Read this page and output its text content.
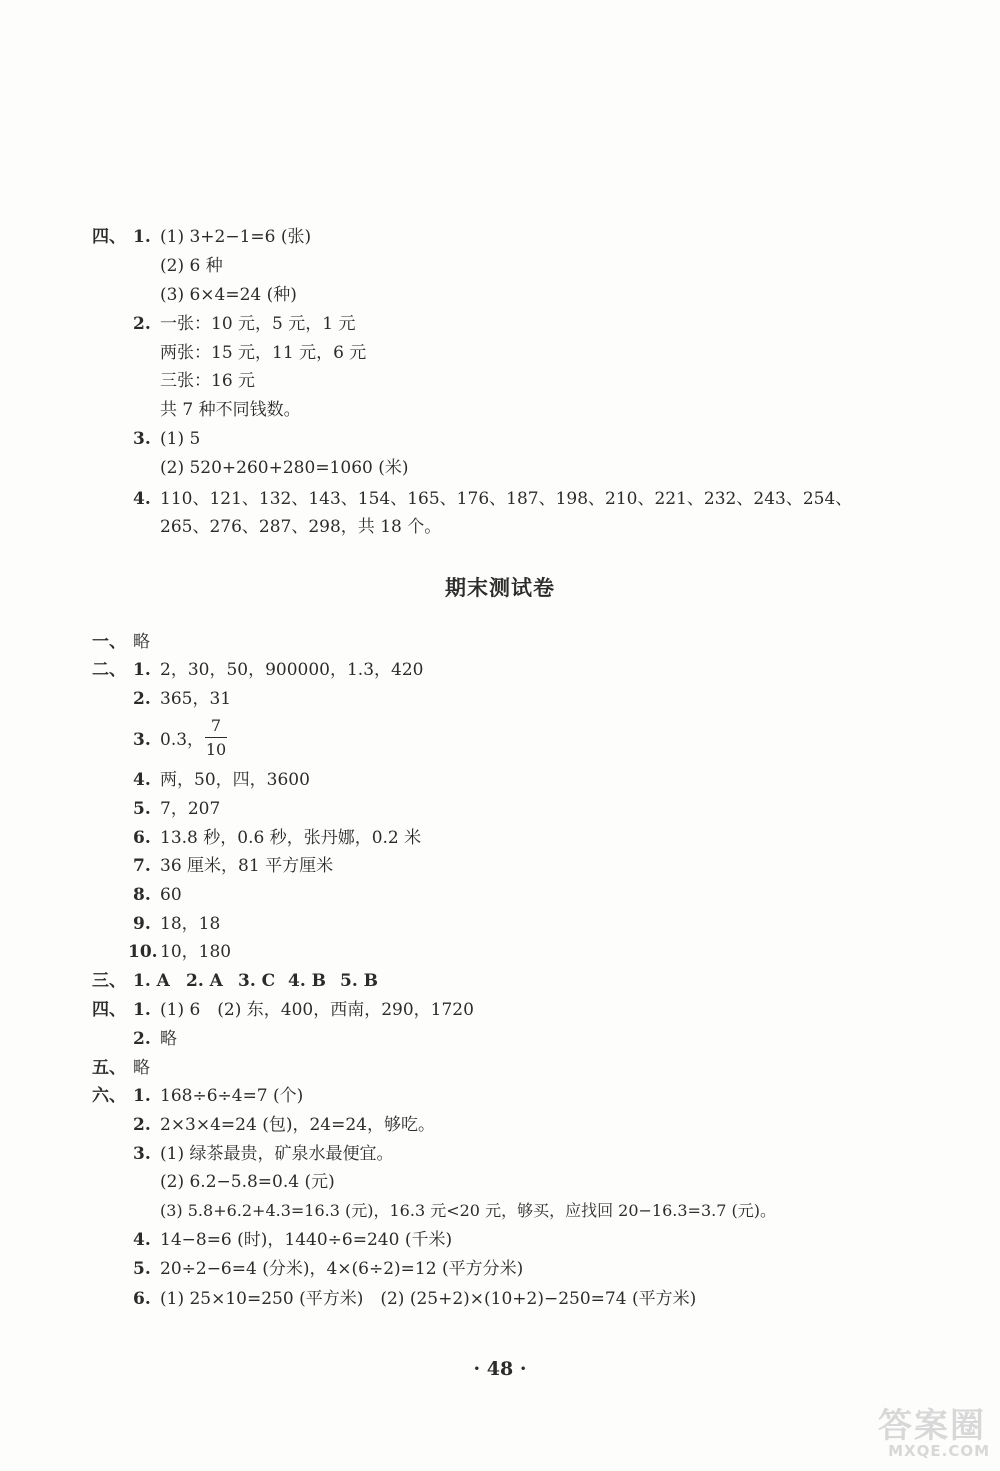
四、 1. (1) 3+2−1=6 (张)
(2) 6 种
(3) 6×4=24 (种)
2. 一张：10 元，5 元，1 元
两张：15 元，11 元，6 元
三张：16 元
共 7 种不同钱数。
3. (1) 5
(2) 520+260+280=1060 (米)
4. 110、121、132、143、154、165、176、187、198、210、221、232、243、254、
265、276、287、298，共 18 个。
期末测试卷
一、 略
二、 1. 2，30，50，900000，1.3，420
2. 365，31
3. 0.3，
7
10
4. 两，50，四，3600
5. 7，207
6. 13.8 秒，0.6 秒，张丹娜，0.2 米
7. 36 厘米，81 平方厘米
8. 60
9. 18，18
10. 10，180
三、 1. A 2. A 3. C 4. B 5. B
四、 1. (1) 6　(2) 东，400，西南，290，1720
2. 略
五、 略
六、 1. 168÷6÷4=7 (个)
2. 2×3×4=24 (包)，24=24，够吃。
3. (1) 绿茶最贵，矿泉水最便宜。
(2) 6.2−5.8=0.4 (元)
(3) 5.8+6.2+4.3=16.3 (元)，16.3 元<20 元，够买，应找回 20−16.3=3.7 (元)。
4. 14−8=6 (时)，1440÷6=240 (千米)
5. 20÷2−6=4 (分米)，4×(6÷2)=12 (平方分米)
6. (1) 25×10=250 (平方米)　(2) (25+2)×(10+2)−250=74 (平方米)
· 48 ·
答案圈
MXQE.COM
